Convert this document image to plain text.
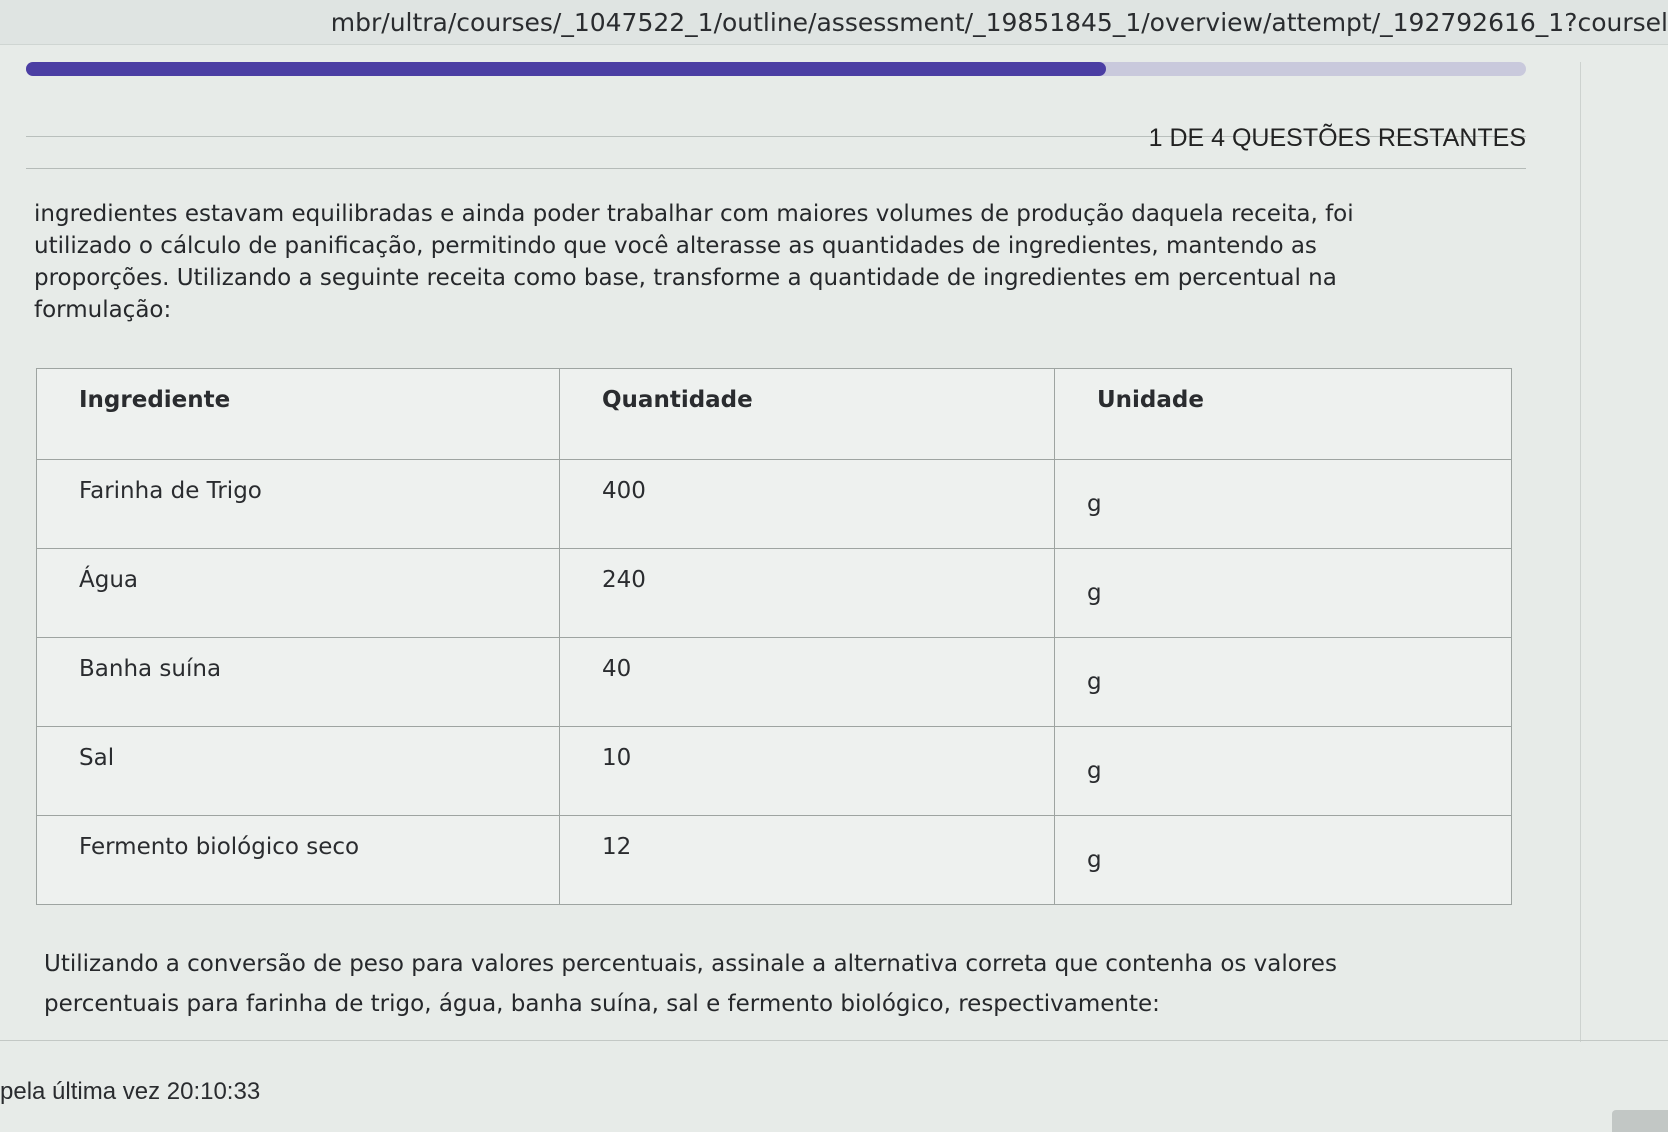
mbr/ultra/courses/_1047522_1/outline/assessment/_19851845_1/overview/attempt/_192792616_1?coursel
1 DE 4 QUESTÕES RESTANTES
ingredientes estavam equilibradas e ainda poder trabalhar com maiores volumes de produção daquela receita, foi utilizado o cálculo de panificação, permitindo que você alterasse as quantidades de ingredientes, mantendo as proporções. Utilizando a seguinte receita como base, transforme a quantidade de ingredientes em percentual na formulação:
Ingrediente	Quantidade	Unidade
Farinha de Trigo	400	g
Água	240	g
Banha suína	40	g
Sal	10	g
Fermento biológico seco	12	g
Utilizando a conversão de peso para valores percentuais, assinale a alternativa correta que contenha os valores percentuais para farinha de trigo, água, banha suína, sal e fermento biológico, respectivamente:
pela última vez 20:10:33
